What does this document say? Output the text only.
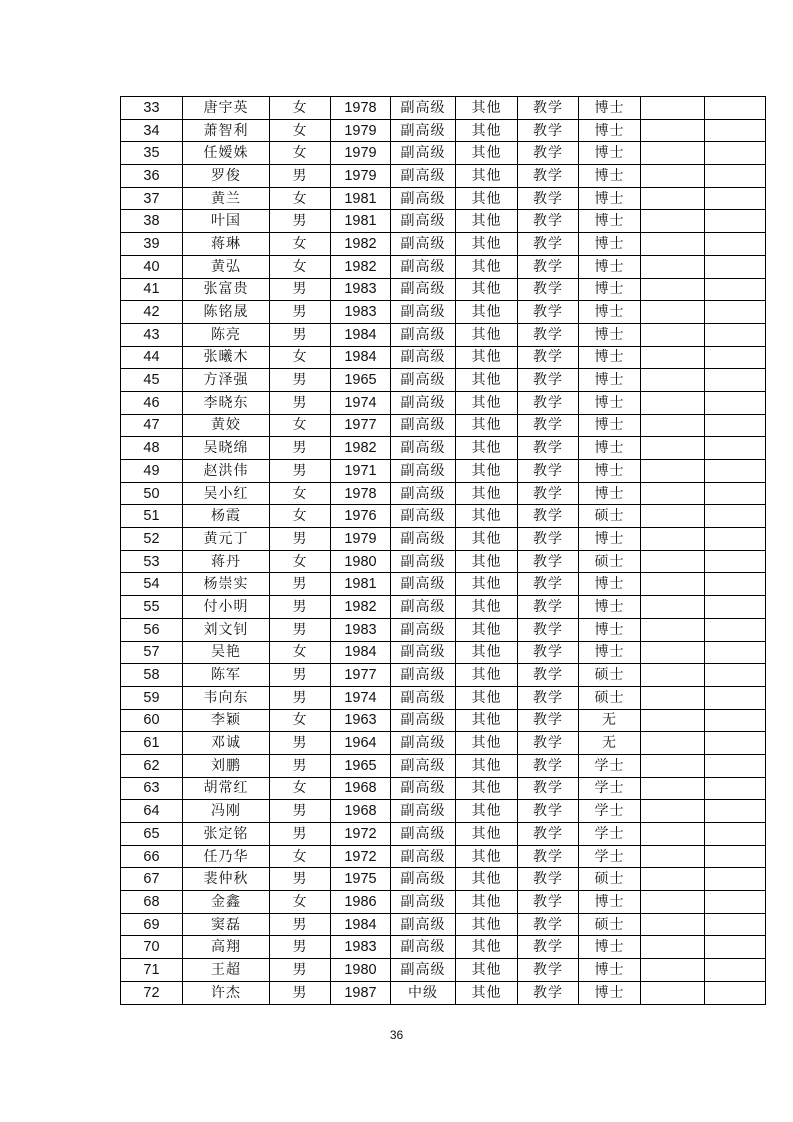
33	唐宇英	女	1978	副高级	其他	教学	博士		
34	萧智利	女	1979	副高级	其他	教学	博士		
35	任嫒姝	女	1979	副高级	其他	教学	博士		
36	罗俊	男	1979	副高级	其他	教学	博士		
37	黄兰	女	1981	副高级	其他	教学	博士		
38	叶国	男	1981	副高级	其他	教学	博士		
39	蒋琳	女	1982	副高级	其他	教学	博士		
40	黄弘	女	1982	副高级	其他	教学	博士		
41	张富贵	男	1983	副高级	其他	教学	博士		
42	陈铭晟	男	1983	副高级	其他	教学	博士		
43	陈亮	男	1984	副高级	其他	教学	博士		
44	张曦木	女	1984	副高级	其他	教学	博士		
45	方泽强	男	1965	副高级	其他	教学	博士		
46	李晓东	男	1974	副高级	其他	教学	博士		
47	黄姣	女	1977	副高级	其他	教学	博士		
48	吴晓绵	男	1982	副高级	其他	教学	博士		
49	赵洪伟	男	1971	副高级	其他	教学	博士		
50	吴小红	女	1978	副高级	其他	教学	博士		
51	杨霞	女	1976	副高级	其他	教学	硕士		
52	黄元丁	男	1979	副高级	其他	教学	博士		
53	蒋丹	女	1980	副高级	其他	教学	硕士		
54	杨崇实	男	1981	副高级	其他	教学	博士		
55	付小明	男	1982	副高级	其他	教学	博士		
56	刘文钊	男	1983	副高级	其他	教学	博士		
57	吴艳	女	1984	副高级	其他	教学	博士		
58	陈军	男	1977	副高级	其他	教学	硕士		
59	韦向东	男	1974	副高级	其他	教学	硕士		
60	李颖	女	1963	副高级	其他	教学	无		
61	邓诚	男	1964	副高级	其他	教学	无		
62	刘鹏	男	1965	副高级	其他	教学	学士		
63	胡常红	女	1968	副高级	其他	教学	学士		
64	冯刚	男	1968	副高级	其他	教学	学士		
65	张定铭	男	1972	副高级	其他	教学	学士		
66	任乃华	女	1972	副高级	其他	教学	学士		
67	裴仲秋	男	1975	副高级	其他	教学	硕士		
68	金鑫	女	1986	副高级	其他	教学	博士		
69	窦磊	男	1984	副高级	其他	教学	硕士		
70	高翔	男	1983	副高级	其他	教学	博士		
71	王超	男	1980	副高级	其他	教学	博士		
72	许杰	男	1987	中级	其他	教学	博士		
36
